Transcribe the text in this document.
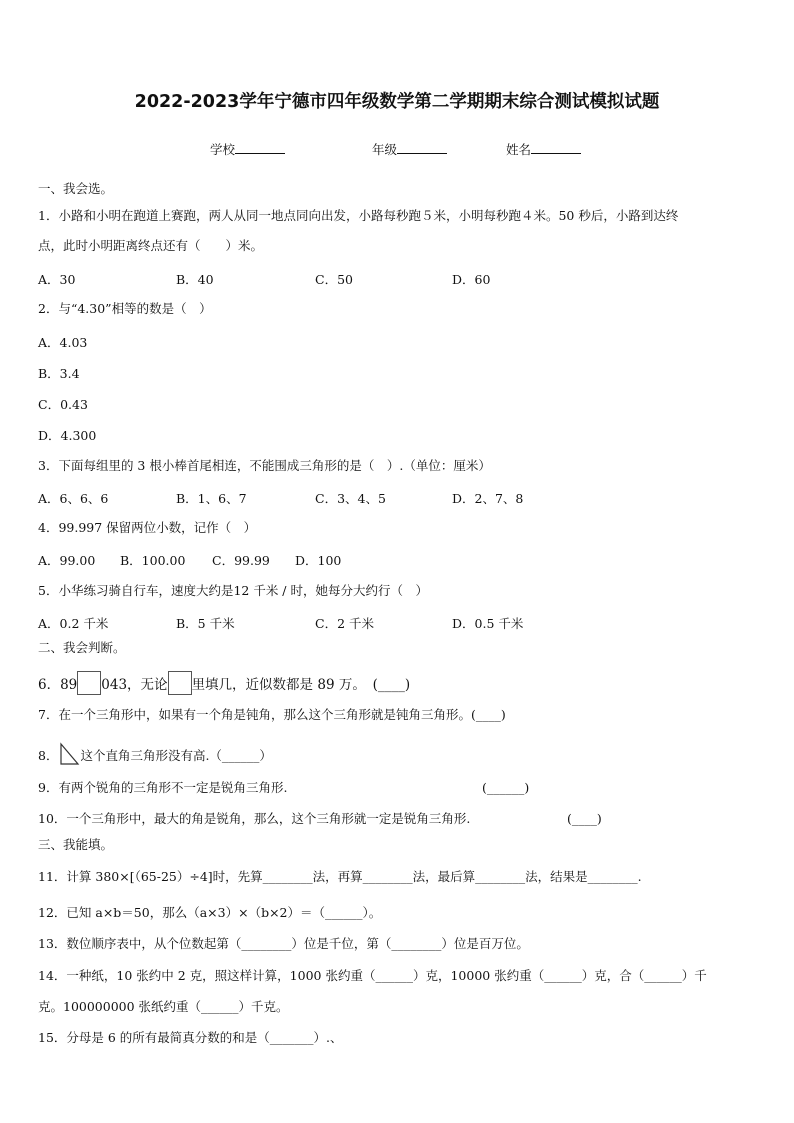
2022-2023学年宁德市四年级数学第二学期期末综合测试模拟试题
学校	年级	姓名
一、我会选。
1．小路和小明在跑道上赛跑，两人从同一地点同向出发，小路每秒跑５米，小明每秒跑４米。50 秒后，小路到达终
点，此时小明距离终点还有（　　）米。
A．30	B．40	C．50	D．60
2．与“4.30”相等的数是（　）
A．4.03
B．3.4
C．0.43
D．4.300
3．下面每组里的 3 根小棒首尾相连，不能围成三角形的是（　）.（单位：厘米）
A．6、6、6	B．1、6、7	C．3、4、5	D．2、7、8
4．99.997 保留两位小数，记作（　）
A．99.00 B．100.00 C．99.99 D．100
5．小华练习骑自行车，速度大约是12 千米 / 时，她每分大约行（　）
A．0.2 千米	B．5 千米	C．2 千米	D．0.5 千米
二、我会判断。
6．89 043，无论 里填几，近似数都是 89 万。　(____)
7．在一个三角形中，如果有一个角是钝角，那么这个三角形就是钝角三角形。(____)
8． 这个直角三角形没有高.（______）
9．有两个锐角的三角形不一定是锐角三角形.	(______)
10．一个三角形中，最大的角是锐角，那么，这个三角形就一定是锐角三角形.	(____)
三、我能填。
11．计算 380×[（65-25）÷4]时，先算________法，再算________法，最后算________法，结果是________.
12．已知 a×b＝50，那么（a×3）×（b×2）＝（______）。
13．数位顺序表中，从个位数起第（________）位是千位，第（________）位是百万位。
14．一种纸，10 张约中 2 克，照这样计算，1000 张约重（______）克，10000 张约重（______）克，合（______）千
克。100000000 张纸约重（______）千克。
15．分母是 6 的所有最简真分数的和是（_______）.、
